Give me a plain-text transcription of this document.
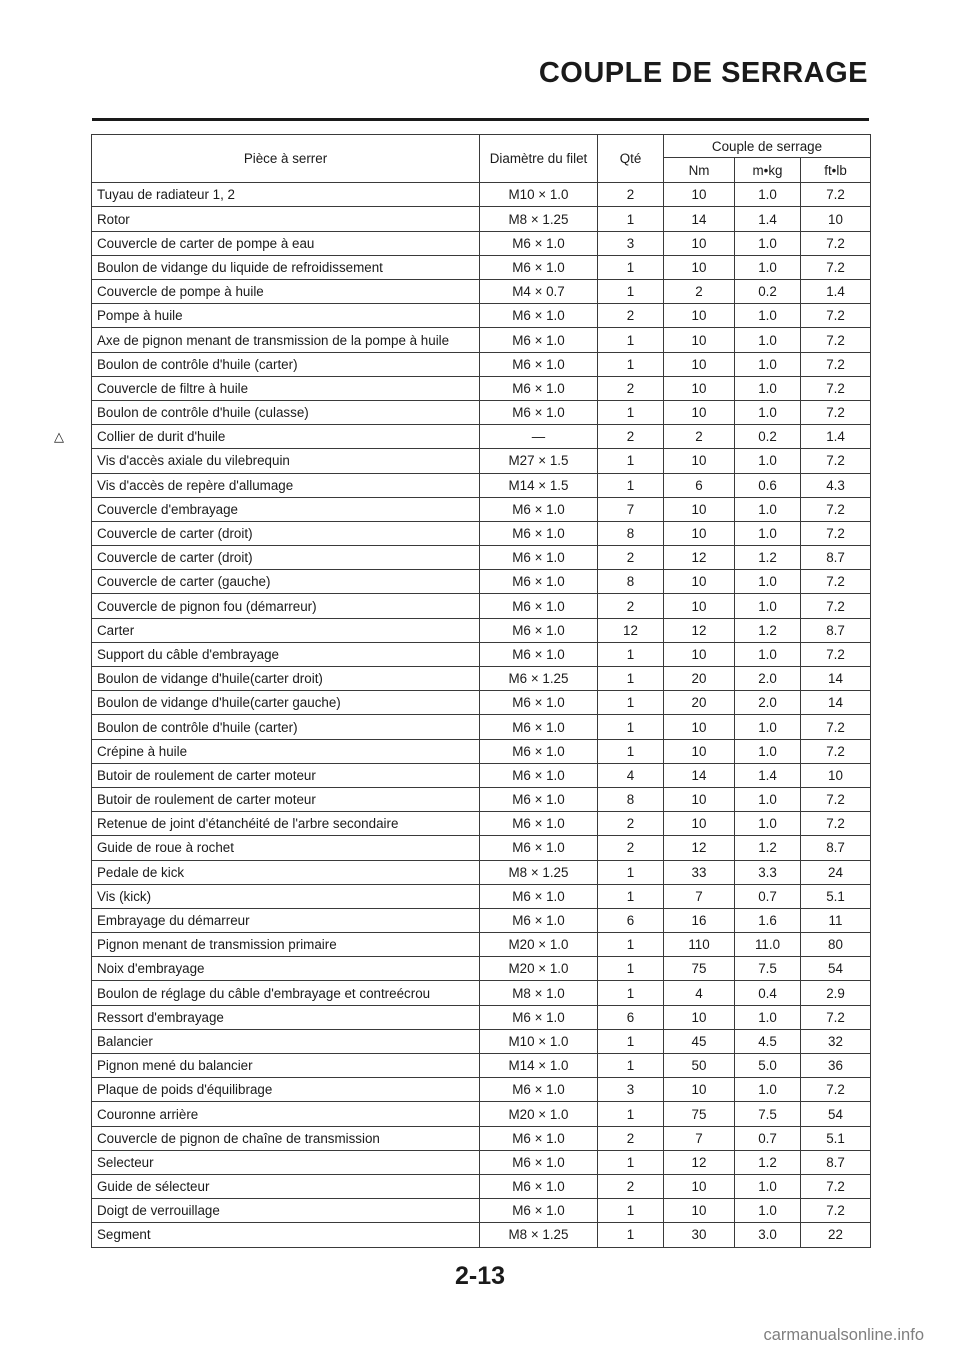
COUPLE DE SERRAGE
Pièce à serrer	Diamètre du filet	Qté	Couple de serrage		
			Nm	m•kg	ft•lb
Tuyau de radiateur 1, 2	M10 × 1.0	2	10	1.0	7.2
Rotor	M8 × 1.25	1	14	1.4	10
Couvercle de carter de pompe à eau	M6 × 1.0	3	10	1.0	7.2
Boulon de vidange du liquide de refroidissement	M6 × 1.0	1	10	1.0	7.2
Couvercle de pompe à huile	M4 × 0.7	1	2	0.2	1.4
Pompe à huile	M6 × 1.0	2	10	1.0	7.2
Axe de pignon menant de transmission de la pompe à huile	M6 × 1.0	1	10	1.0	7.2
Boulon de contrôle d'huile (carter)	M6 × 1.0	1	10	1.0	7.2
Couvercle de filtre à huile	M6 × 1.0	2	10	1.0	7.2
Boulon de contrôle d'huile (culasse)	M6 × 1.0	1	10	1.0	7.2
Collier de durit d'huile	—	2	2	0.2	1.4
Vis d'accès axiale du vilebrequin	M27 × 1.5	1	10	1.0	7.2
Vis d'accès de repère d'allumage	M14 × 1.5	1	6	0.6	4.3
Couvercle d'embrayage	M6 × 1.0	7	10	1.0	7.2
Couvercle de carter (droit)	M6 × 1.0	8	10	1.0	7.2
Couvercle de carter (droit)	M6 × 1.0	2	12	1.2	8.7
Couvercle de carter (gauche)	M6 × 1.0	8	10	1.0	7.2
Couvercle de pignon fou (démarreur)	M6 × 1.0	2	10	1.0	7.2
Carter	M6 × 1.0	12	12	1.2	8.7
Support du câble d'embrayage	M6 × 1.0	1	10	1.0	7.2
Boulon de vidange d'huile(carter droit)	M6 × 1.25	1	20	2.0	14
Boulon de vidange d'huile(carter gauche)	M6 × 1.0	1	20	2.0	14
Boulon de contrôle d'huile (carter)	M6 × 1.0	1	10	1.0	7.2
Crépine à huile	M6 × 1.0	1	10	1.0	7.2
Butoir de roulement de carter moteur	M6 × 1.0	4	14	1.4	10
Butoir de roulement de carter moteur	M6 × 1.0	8	10	1.0	7.2
Retenue de joint d'étanchéité de l'arbre secondaire	M6 × 1.0	2	10	1.0	7.2
Guide de roue à rochet	M6 × 1.0	2	12	1.2	8.7
Pedale de kick	M8 × 1.25	1	33	3.3	24
Vis (kick)	M6 × 1.0	1	7	0.7	5.1
Embrayage du démarreur	M6 × 1.0	6	16	1.6	11
Pignon menant de transmission primaire	M20 × 1.0	1	110	11.0	80
Noix d'embrayage	M20 × 1.0	1	75	7.5	54
Boulon de réglage du câble d'embrayage et contreécrou	M8 × 1.0	1	4	0.4	2.9
Ressort d'embrayage	M6 × 1.0	6	10	1.0	7.2
Balancier	M10 × 1.0	1	45	4.5	32
Pignon mené du balancier	M14 × 1.0	1	50	5.0	36
Plaque de poids d'équilibrage	M6 × 1.0	3	10	1.0	7.2
Couronne arrière	M20 × 1.0	1	75	7.5	54
Couvercle de pignon de chaîne de transmission	M6 × 1.0	2	7	0.7	5.1
Selecteur	M6 × 1.0	1	12	1.2	8.7
Guide de sélecteur	M6 × 1.0	2	10	1.0	7.2
Doigt de verrouillage	M6 × 1.0	1	10	1.0	7.2
Segment	M8 × 1.25	1	30	3.0	22
△
2-13
carmanualsonline.info
